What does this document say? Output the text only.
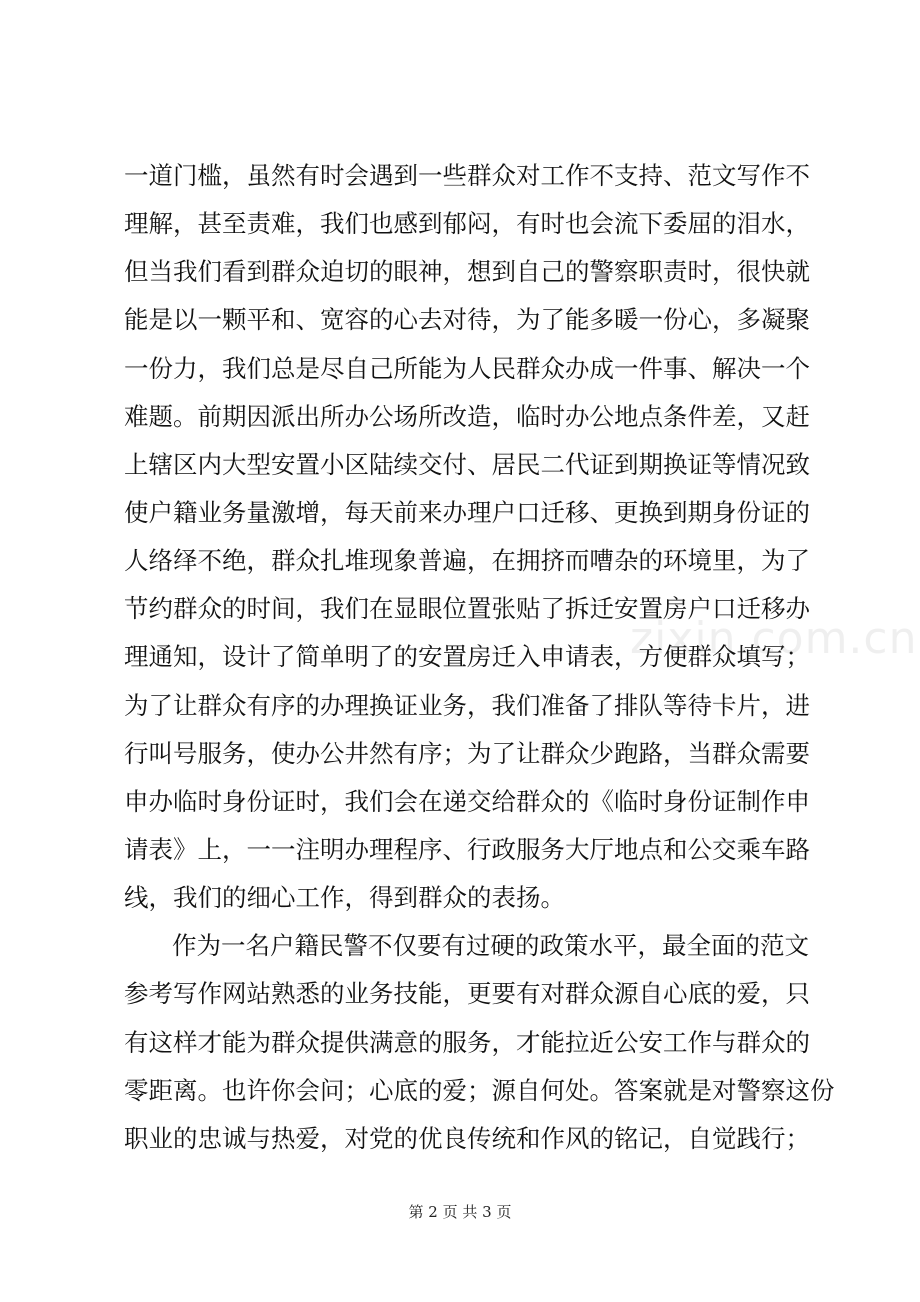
一道门槛，虽然有时会遇到一些群众对工作不支持、范文写作不
理解，甚至责难，我们也感到郁闷，有时也会流下委屈的泪水，
但当我们看到群众迫切的眼神，想到自己的警察职责时，很快就
能是以一颗平和、宽容的心去对待，为了能多暖一份心，多凝聚
一份力，我们总是尽自己所能为人民群众办成一件事、解决一个
难题。前期因派出所办公场所改造，临时办公地点条件差，又赶
上辖区内大型安置小区陆续交付、居民二代证到期换证等情况致
使户籍业务量激增，每天前来办理户口迁移、更换到期身份证的
人络绎不绝，群众扎堆现象普遍，在拥挤而嘈杂的环境里，为了
节约群众的时间，我们在显眼位置张贴了拆迁安置房户口迁移办
理通知，设计了简单明了的安置房迁入申请表，方便群众填写；
为了让群众有序的办理换证业务，我们准备了排队等待卡片，进
行叫号服务，使办公井然有序；为了让群众少跑路，当群众需要
申办临时身份证时，我们会在递交给群众的《临时身份证制作申
请表》上，一一注明办理程序、行政服务大厅地点和公交乘车路
线，我们的细心工作，得到群众的表扬。
作为一名户籍民警不仅要有过硬的政策水平，最全面的范文
参考写作网站熟悉的业务技能，更要有对群众源自心底的爱，只
有这样才能为群众提供满意的服务，才能拉近公安工作与群众的
零距离。也许你会问；心底的爱；源自何处。答案就是对警察这份
职业的忠诚与热爱，对党的优良传统和作风的铭记，自觉践行；
zixin.com.cn
第 2 页 共 3 页
